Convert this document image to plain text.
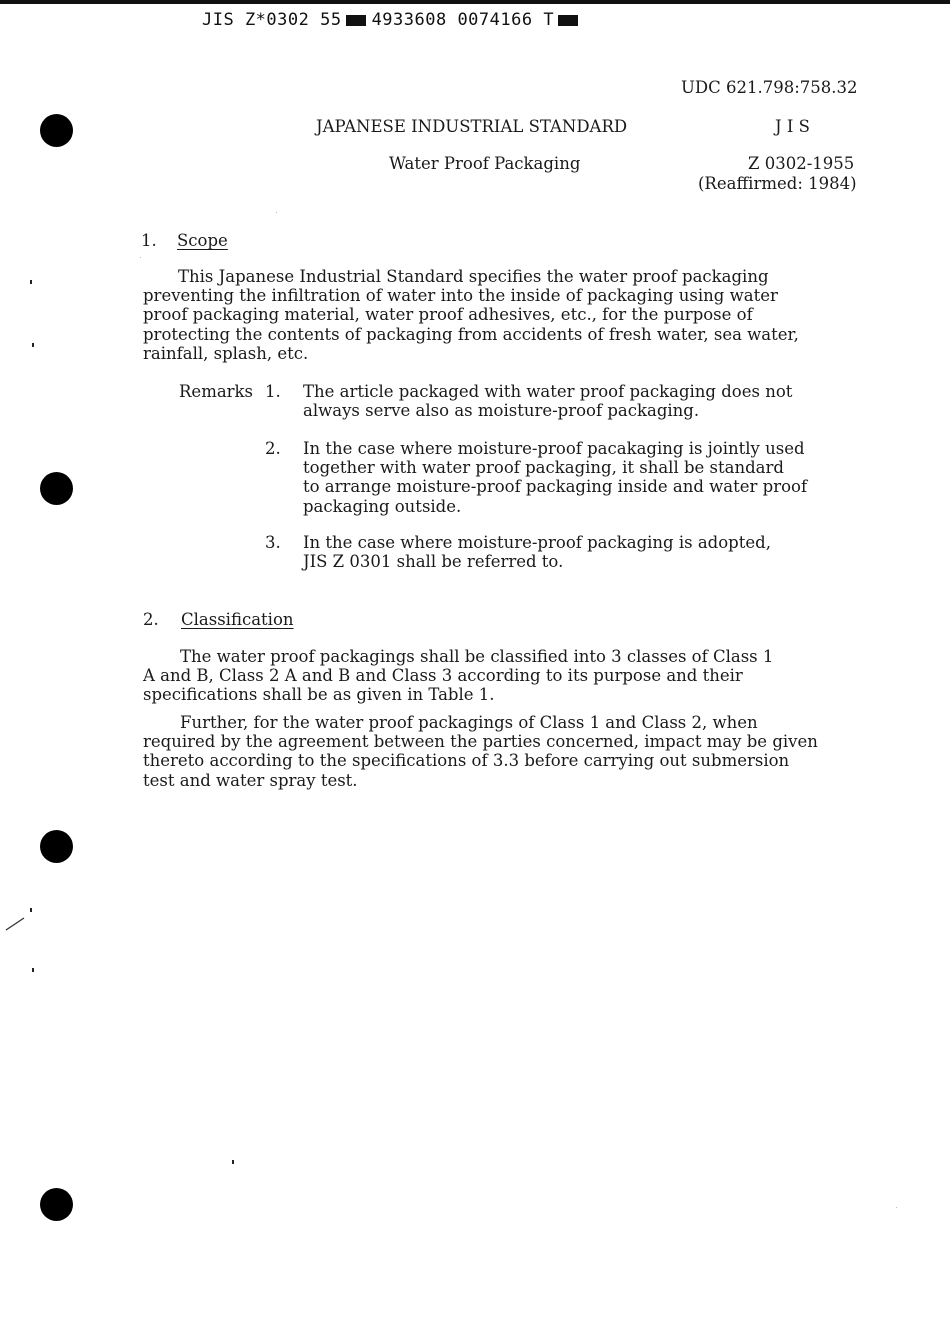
JIS Z*0302 55 4933608 0074166 T
UDC 621.798:758.32
JAPANESE INDUSTRIAL STANDARD	J I S
Water Proof Packaging	Z 0302-1955
(Reaffirmed: 1984)
1. Scope

This Japanese Industrial Standard specifies the water proof packaging

preventing the infiltration of water into the inside of packaging using water

proof packaging material, water proof adhesives, etc., for the purpose of

protecting the contents of packaging from accidents of fresh water, sea water,

rainfall, splash, etc.

Remarks 1. The article packaged with water proof packaging does not

always serve also as moisture-proof packaging.

2. In the case where moisture-proof pacakaging is jointly used

together with water proof packaging, it shall be standard

to arrange moisture-proof packaging inside and water proof

packaging outside.

3. In the case where moisture-proof packaging is adopted,

JIS Z 0301 shall be referred to.

2. Classification

The water proof packagings shall be classified into 3 classes of Class 1

A and B, Class 2 A and B and Class 3 according to its purpose and their

specifications shall be as given in Table 1.

Further, for the water proof packagings of Class 1 and Class 2, when

required by the agreement between the parties concerned, impact may be given

thereto according to the specifications of 3.3 before carrying out submersion

test and water spray test.
